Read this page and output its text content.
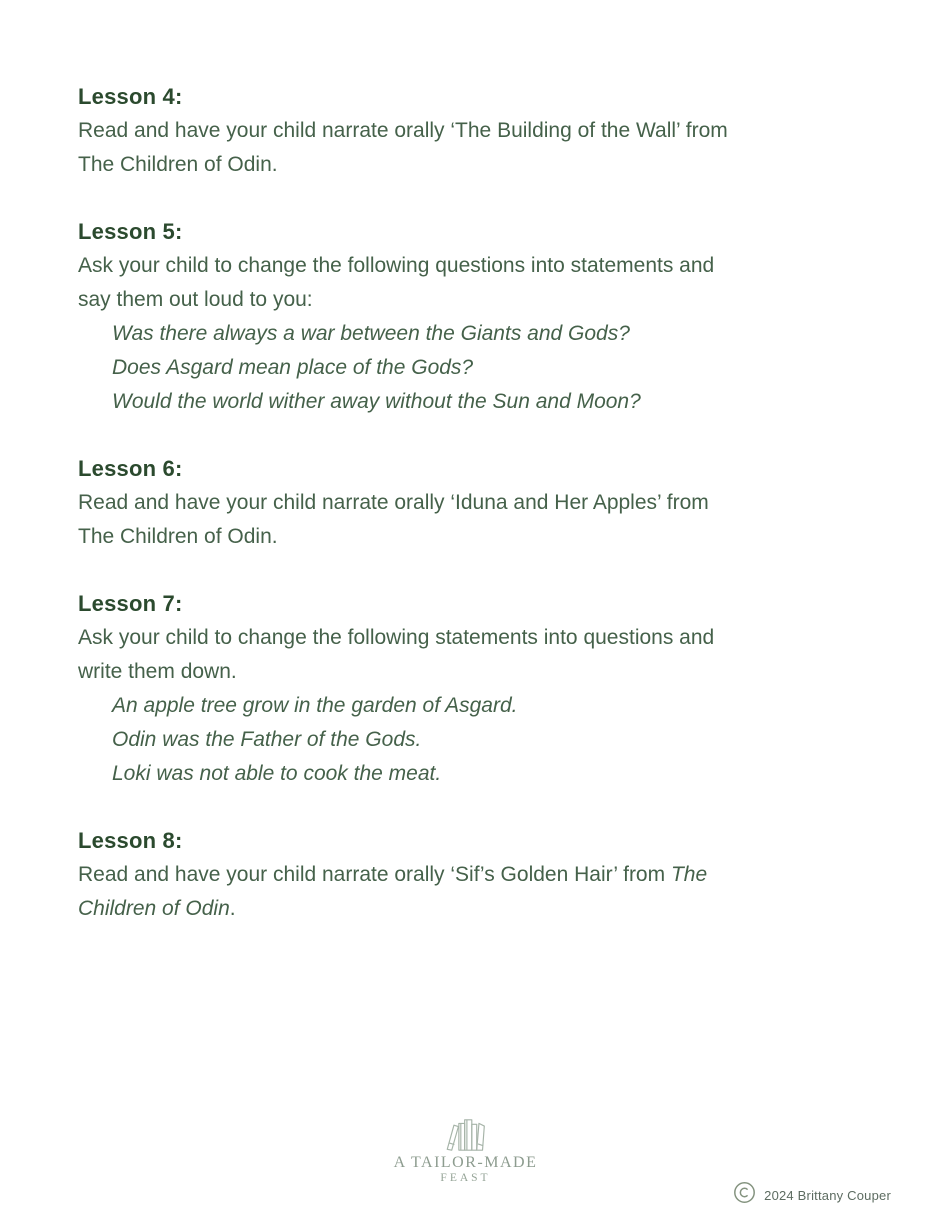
Lesson 4:

Read and have your child narrate orally ‘The Building of the Wall’ from

The Children of Odin.

Lesson 5:

Ask your child to change the following questions into statements and

say them out loud to you:

Was there always a war between the Giants and Gods?

Does Asgard mean place of the Gods?

Would the world wither away without the Sun and Moon?

Lesson 6:

Read and have your child narrate orally ‘Iduna and Her Apples’ from

The Children of Odin.

Lesson 7:

Ask your child to change the following statements into questions and

write them down.

An apple tree grow in the garden of Asgard.

Odin was the Father of the Gods.

Loki was not able to cook the meat.

Lesson 8:

Read and have your child narrate orally ‘Sif’s Golden Hair’ from The

Children of Odin.

A TAILOR-MADE
FEAST
2024 Brittany Couper
